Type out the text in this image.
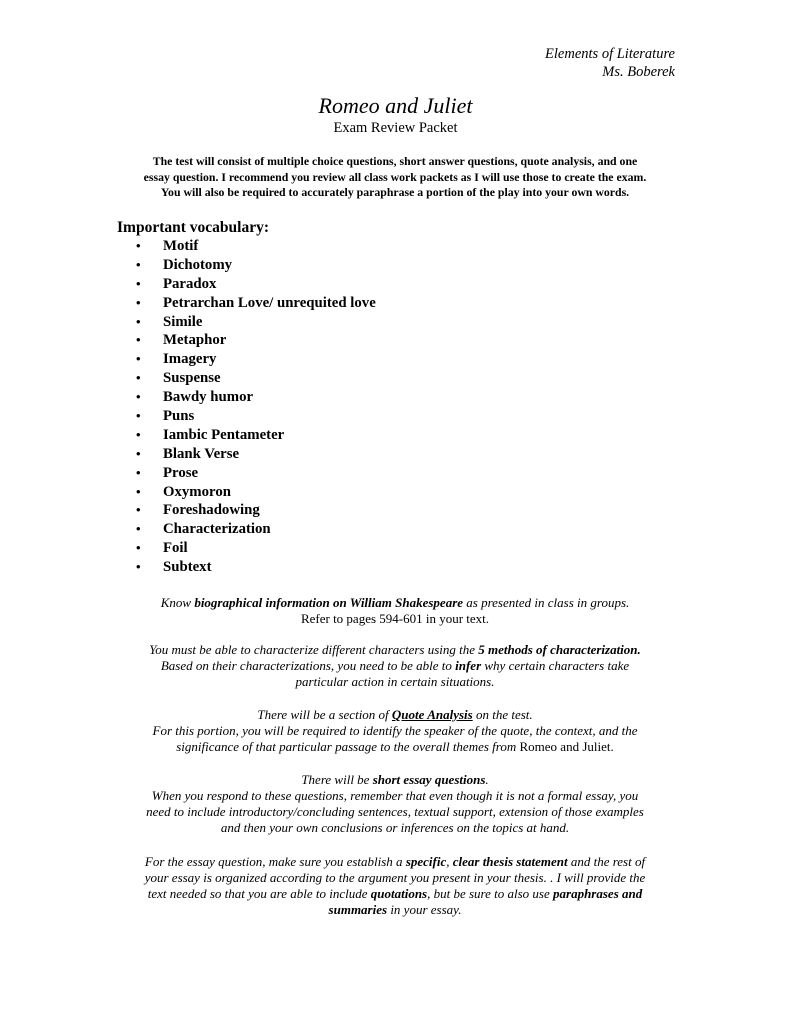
Elements of Literature
Ms. Boberek
Romeo and Juliet
Exam Review Packet
The test will consist of multiple choice questions, short answer questions, quote analysis, and one
essay question. I recommend you review all class work packets as I will use those to create the exam.
You will also be required to accurately paraphrase a portion of the play into your own words.
Important vocabulary:
• Motif
• Dichotomy
• Paradox
• Petrarchan Love/ unrequited love
• Simile
• Metaphor
• Imagery
• Suspense
• Bawdy humor
• Puns
• Iambic Pentameter
• Blank Verse
• Prose
• Oxymoron
• Foreshadowing
• Characterization
• Foil
• Subtext
Know biographical information on William Shakespeare as presented in class in groups.
Refer to pages 594-601 in your text.
You must be able to characterize different characters using the 5 methods of characterization.
Based on their characterizations, you need to be able to infer why certain characters take
particular action in certain situations.
There will be a section of Quote Analysis on the test.
For this portion, you will be required to identify the speaker of the quote, the context, and the
significance of that particular passage to the overall themes from Romeo and Juliet.
There will be short essay questions.
When you respond to these questions, remember that even though it is not a formal essay, you
need to include introductory/concluding sentences, textual support, extension of those examples
and then your own conclusions or inferences on the topics at hand.
For the essay question, make sure you establish a specific, clear thesis statement and the rest of
your essay is organized according to the argument you present in your thesis. . I will provide the
text needed so that you are able to include quotations, but be sure to also use paraphrases and
summaries in your essay.
